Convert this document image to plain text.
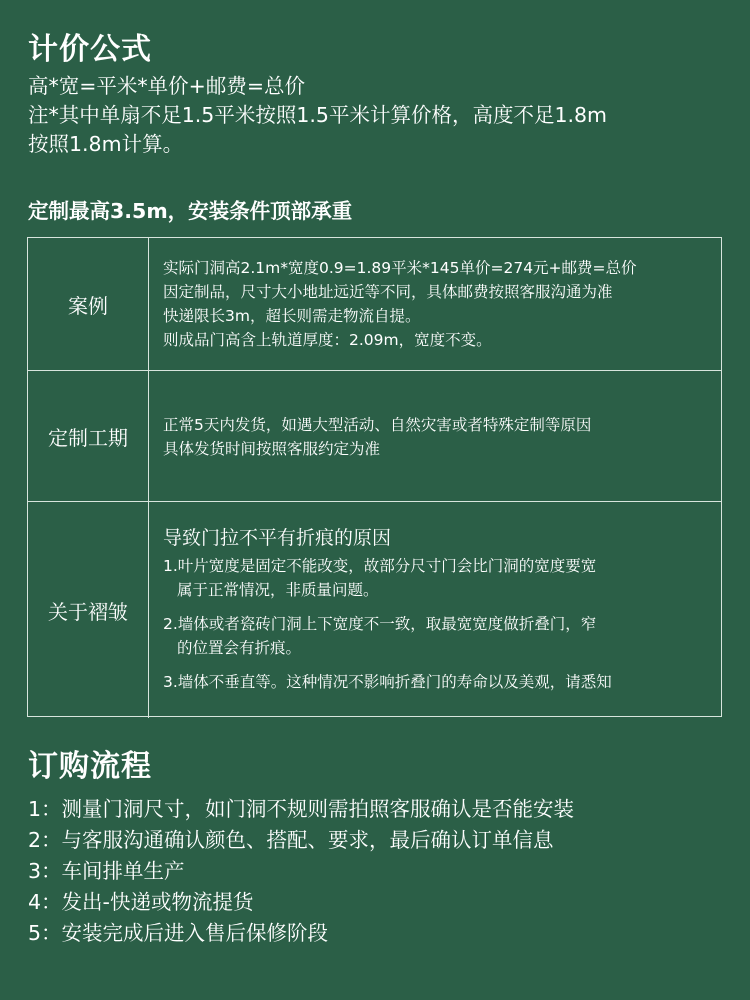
计价公式
高*宽=平米*单价+邮费=总价
注*其中单扇不足1.5平米按照1.5平米计算价格，高度不足1.8m
按照1.8m计算。
定制最高3.5m，安装条件顶部承重
案例
实际门洞高2.1m*宽度0.9=1.89平米*145单价=274元+邮费=总价
因定制品，尺寸大小地址远近等不同，具体邮费按照客服沟通为准
快递限长3m，超长则需走物流自提。
则成品门高含上轨道厚度：2.09m，宽度不变。
定制工期
正常5天内发货，如遇大型活动、自然灾害或者特殊定制等原因
具体发货时间按照客服约定为准
关于褶皱
导致门拉不平有折痕的原因
1.叶片宽度是固定不能改变，故部分尺寸门会比门洞的宽度要宽
属于正常情况，非质量问题。
2.墙体或者瓷砖门洞上下宽度不一致，取最宽宽度做折叠门，窄
的位置会有折痕。
3.墙体不垂直等。这种情况不影响折叠门的寿命以及美观，请悉知
订购流程
1：测量门洞尺寸，如门洞不规则需拍照客服确认是否能安装
2：与客服沟通确认颜色、搭配、要求，最后确认订单信息
3：车间排单生产
4：发出-快递或物流提货
5：安装完成后进入售后保修阶段
